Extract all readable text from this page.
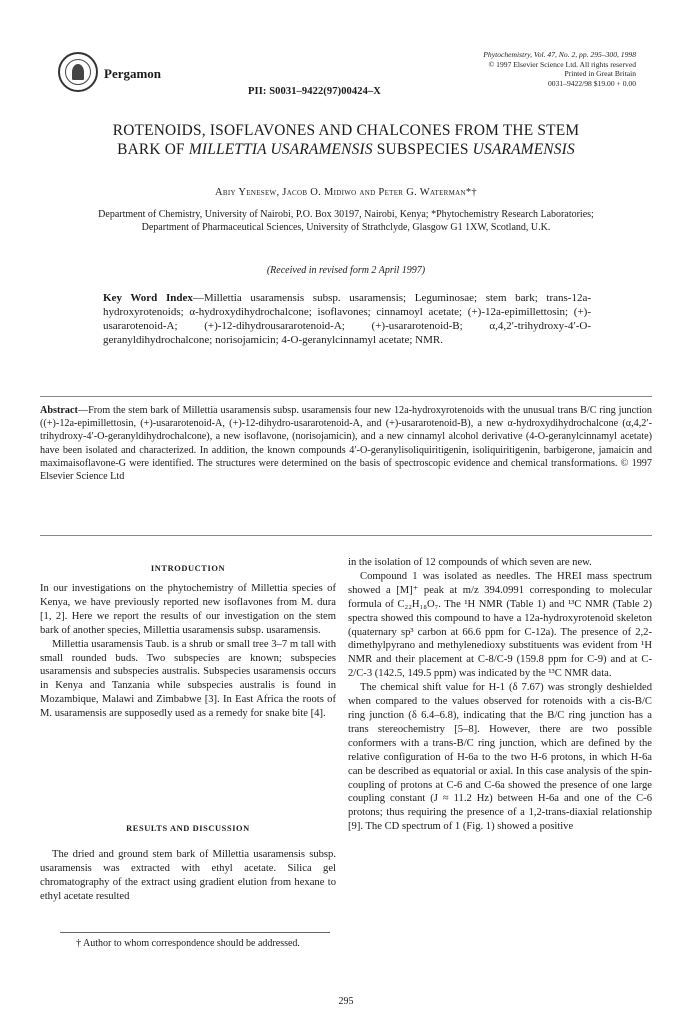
Pergamon
Phytochemistry, Vol. 47, No. 2, pp. 295–300, 1998
© 1997 Elsevier Science Ltd. All rights reserved
Printed in Great Britain
0031–9422/98 $19.00 + 0.00
PII: S0031–9422(97)00424–X
ROTENOIDS, ISOFLAVONES AND CHALCONES FROM THE STEM
BARK OF MILLETTIA USARAMENSIS SUBSPECIES USARAMENSIS
Abiy Yenesew, Jacob O. Midiwo and Peter G. Waterman*†
Department of Chemistry, University of Nairobi, P.O. Box 30197, Nairobi, Kenya; *Phytochemistry Research Laboratories; Department of Pharmaceutical Sciences, University of Strathclyde, Glasgow G1 1XW, Scotland, U.K.
(Received in revised form 2 April 1997)
Key Word Index—Millettia usaramensis subsp. usaramensis; Leguminosae; stem bark; trans-12a-hydroxyrotenoids; α-hydroxydihydrochalcone; isoflavones; cinnamoyl acetate; (+)-12a-epimillettosin; (+)-usararotenoid-A; (+)-12-dihydrousararotenoid-A; (+)-usararotenoid-B; α,4,2′-trihydroxy-4′-O-geranyldihydrochalcone; norisojamicin; 4-O-geranylcinnamyl acetate; NMR.
Abstract—From the stem bark of Millettia usaramensis subsp. usaramensis four new 12a-hydroxyrotenoids with the unusual trans B/C ring junction ((+)-12a-epimillettosin, (+)-usararotenoid-A, (+)-12-dihydro-usararotenoid-A, and (+)-usararotenoid-B), a new α-hydroxydihydrochalcone (α,4,2′-trihydroxy-4′-O-geranyldihydrochalcone), a new isoflavone, (norisojamicin), and a new cinnamyl alcohol derivative (4-O-geranylcinnamyl acetate) have been isolated and characterized. In addition, the known compounds 4′-O-geranylisoliquiritigenin, isoliquiritigenin, barbigerone, jamaicin and maximaisoflavone-G were identified. The structures were determined on the basis of spectroscopic evidence and chemical transformations. © 1997 Elsevier Science Ltd
INTRODUCTION

In our investigations on the phytochemistry of Millettia species of Kenya, we have previously reported new isoflavones from M. dura [1, 2]. Here we report the results of our investigation on the stem bark of another species, Millettia usaramensis subsp. usaramensis.

Millettia usaramensis Taub. is a shrub or small tree 3–7 m tall with small rounded buds. Two subspecies are known; subspecies usaramensis and subspecies australis. Subspecies usaramensis occurs in Kenya and Tanzania while subspecies australis is found in Mozambique, Malawi and Zimbabwe [3]. In East Africa the roots of M. usaramensis are supposedly used as a remedy for snake bite [4].

RESULTS AND DISCUSSION

The dried and ground stem bark of Millettia usaramensis subsp. usaramensis was extracted with ethyl acetate. Silica gel chromatography of the extract using gradient elution from hexane to ethyl acetate resulted

† Author to whom correspondence should be addressed.

in the isolation of 12 compounds of which seven are new.

Compound 1 was isolated as needles. The HREI mass spectrum showed a [M]⁺ peak at m/z 394.0991 corresponding to molecular formula of C₂₂H₁₈O₇. The ¹H NMR (Table 1) and ¹³C NMR (Table 2) spectra showed this compound to have a 12a-hydroxyrotenoid skeleton (quaternary sp³ carbon at 66.6 ppm for C-12a). The presence of 2,2-dimethylpyrano and methylenedioxy substituents was evident from ¹H NMR and their placement at C-8/C-9 (159.8 ppm for C-9) and at C-2/C-3 (142.5, 149.5 ppm) was indicated by the ¹³C NMR data.

The chemical shift value for H-1 (δ 7.67) was strongly deshielded when compared to the values observed for rotenoids with a cis-B/C ring junction (δ 6.4–6.8), indicating that the B/C ring junction has a trans stereochemistry [5–8]. However, there are two possible conformers with a trans-B/C ring junction, which are defined by the relative configuration of H-6a to the two H-6 protons, in which H-6a can be described as equatorial or axial. In this case analysis of the spin-coupling of protons at C-6 and C-6a showed the presence of one large coupling constant (J ≈ 11.2 Hz) between H-6a and one of the C-6 protons; thus requiring the presence of a 1,2-trans-diaxial relationship [9]. The CD spectrum of 1 (Fig. 1) showed a positive

295
